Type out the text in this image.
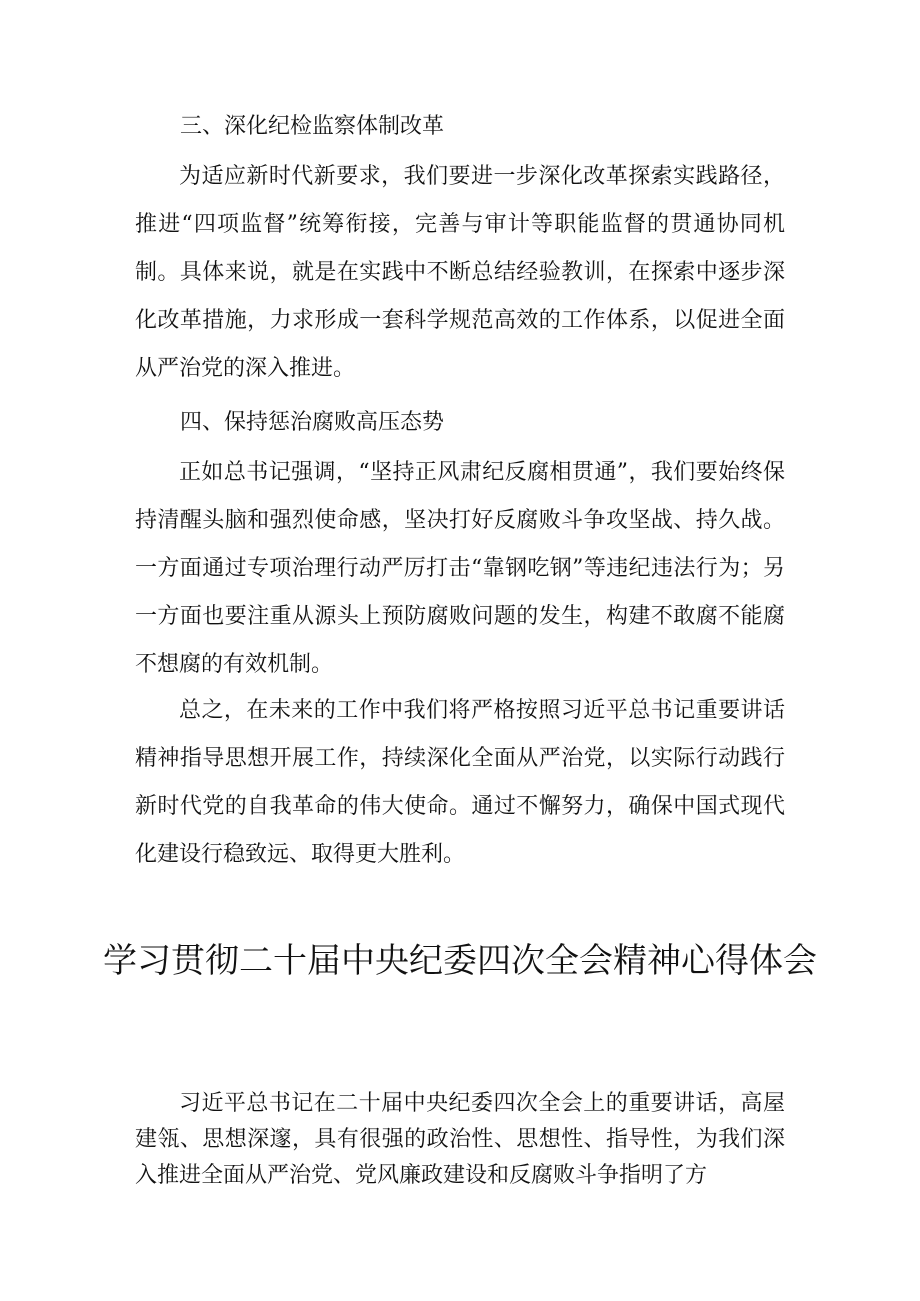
三、深化纪检监察体制改革

为适应新时代新要求，我们要进一步深化改革探索实践路径，推进“四项监督”统筹衔接，完善与审计等职能监督的贯通协同机制。具体来说，就是在实践中不断总结经验教训，在探索中逐步深化改革措施，力求形成一套科学规范高效的工作体系，以促进全面从严治党的深入推进。

四、保持惩治腐败高压态势

正如总书记强调，“坚持正风肃纪反腐相贯通”，我们要始终保持清醒头脑和强烈使命感，坚决打好反腐败斗争攻坚战、持久战。一方面通过专项治理行动严厉打击“靠钢吃钢”等违纪违法行为；另一方面也要注重从源头上预防腐败问题的发生，构建不敢腐不能腐不想腐的有效机制。

总之，在未来的工作中我们将严格按照习近平总书记重要讲话精神指导思想开展工作，持续深化全面从严治党，以实际行动践行新时代党的自我革命的伟大使命。通过不懈努力，确保中国式现代化建设行稳致远、取得更大胜利。

学习贯彻二十届中央纪委四次全会精神心得体会

习近平总书记在二十届中央纪委四次全会上的重要讲话，高屋建瓴、思想深邃，具有很强的政治性、思想性、指导性，为我们深入推进全面从严治党、党风廉政建设和反腐败斗争指明了方
